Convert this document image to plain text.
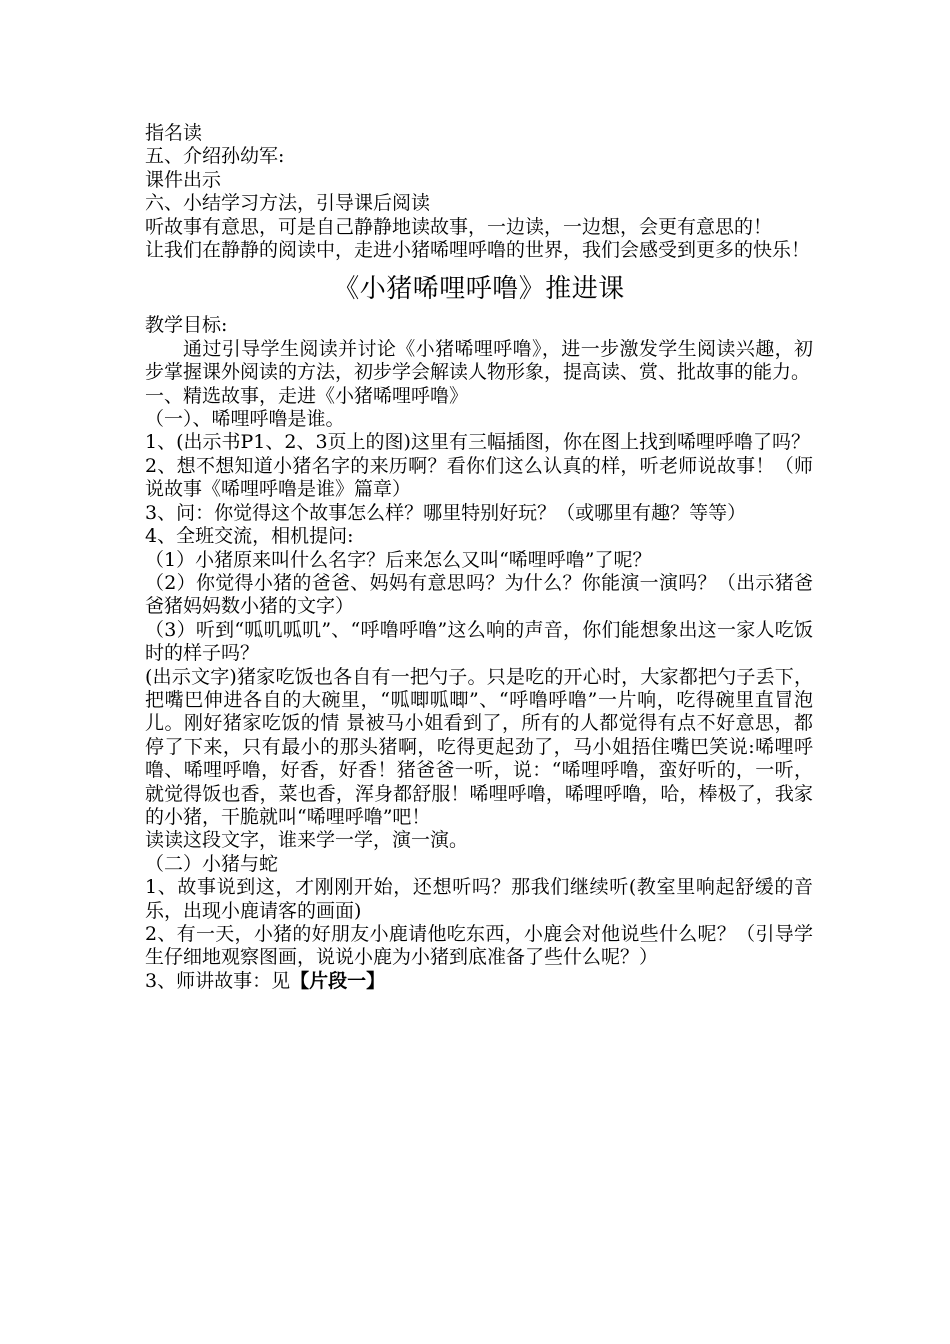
指名读

五、介绍孙幼军:

课件出示

六、小结学习方法，引导课后阅读

听故事有意思，可是自己静静地读故事，一边读，一边想，会更有意思的！

让我们在静静的阅读中，走进小猪唏哩呼噜的世界，我们会感受到更多的快乐！

《小猪唏哩呼噜》推进课

教学目标:

通过引导学生阅读并讨论《小猪唏哩呼噜》，进一步激发学生阅读兴趣，初步掌握课外阅读的方法，初步学会解读人物形象，提高读、赏、批故事的能力。

一、精选故事，走进《小猪唏哩呼噜》

（一）、唏哩呼噜是谁。

1、(出示书P1、2、3页上的图)这里有三幅插图，你在图上找到唏哩呼噜了吗？

2、想不想知道小猪名字的来历啊？看你们这么认真的样，听老师说故事！（师说故事《唏哩呼噜是谁》篇章）

3、问：你觉得这个故事怎么样？哪里特别好玩？（或哪里有趣？等等）

4、全班交流，相机提问:

（1）小猪原来叫什么名字？后来怎么又叫“唏哩呼噜”了呢？

（2）你觉得小猪的爸爸、妈妈有意思吗？为什么？你能演一演吗？（出示猪爸爸猪妈妈数小猪的文字）

（3）听到“呱叽呱叽”、“呼噜呼噜”这么响的声音，你们能想象出这一家人吃饭时的样子吗？

(出示文字)猪家吃饭也各自有一把勺子。只是吃的开心时，大家都把勺子丢下，把嘴巴伸进各自的大碗里，“呱唧呱唧”、“呼噜呼噜”一片响，吃得碗里直冒泡儿。刚好猪家吃饭的情 景被马小姐看到了，所有的人都觉得有点不好意思，都停了下来，只有最小的那头猪啊，吃得更起劲了，马小姐捂住嘴巴笑说:唏哩呼噜、唏哩呼噜，好香，好香！猪爸爸一听，说：“唏哩呼噜，蛮好听的，一听，就觉得饭也香，菜也香，浑身都舒服！唏哩呼噜，唏哩呼噜，哈，棒极了，我家的小猪，干脆就叫“唏哩呼噜”吧！

读读这段文字，谁来学一学，演一演。

（二）小猪与蛇

1、故事说到这，才刚刚开始，还想听吗？那我们继续听(教室里响起舒缓的音乐，出现小鹿请客的画面)

2、有一天，小猪的好朋友小鹿请他吃东西，小鹿会对他说些什么呢？（引导学生仔细地观察图画，说说小鹿为小猪到底准备了些什么呢？）

3、师讲故事：见【片段一】
